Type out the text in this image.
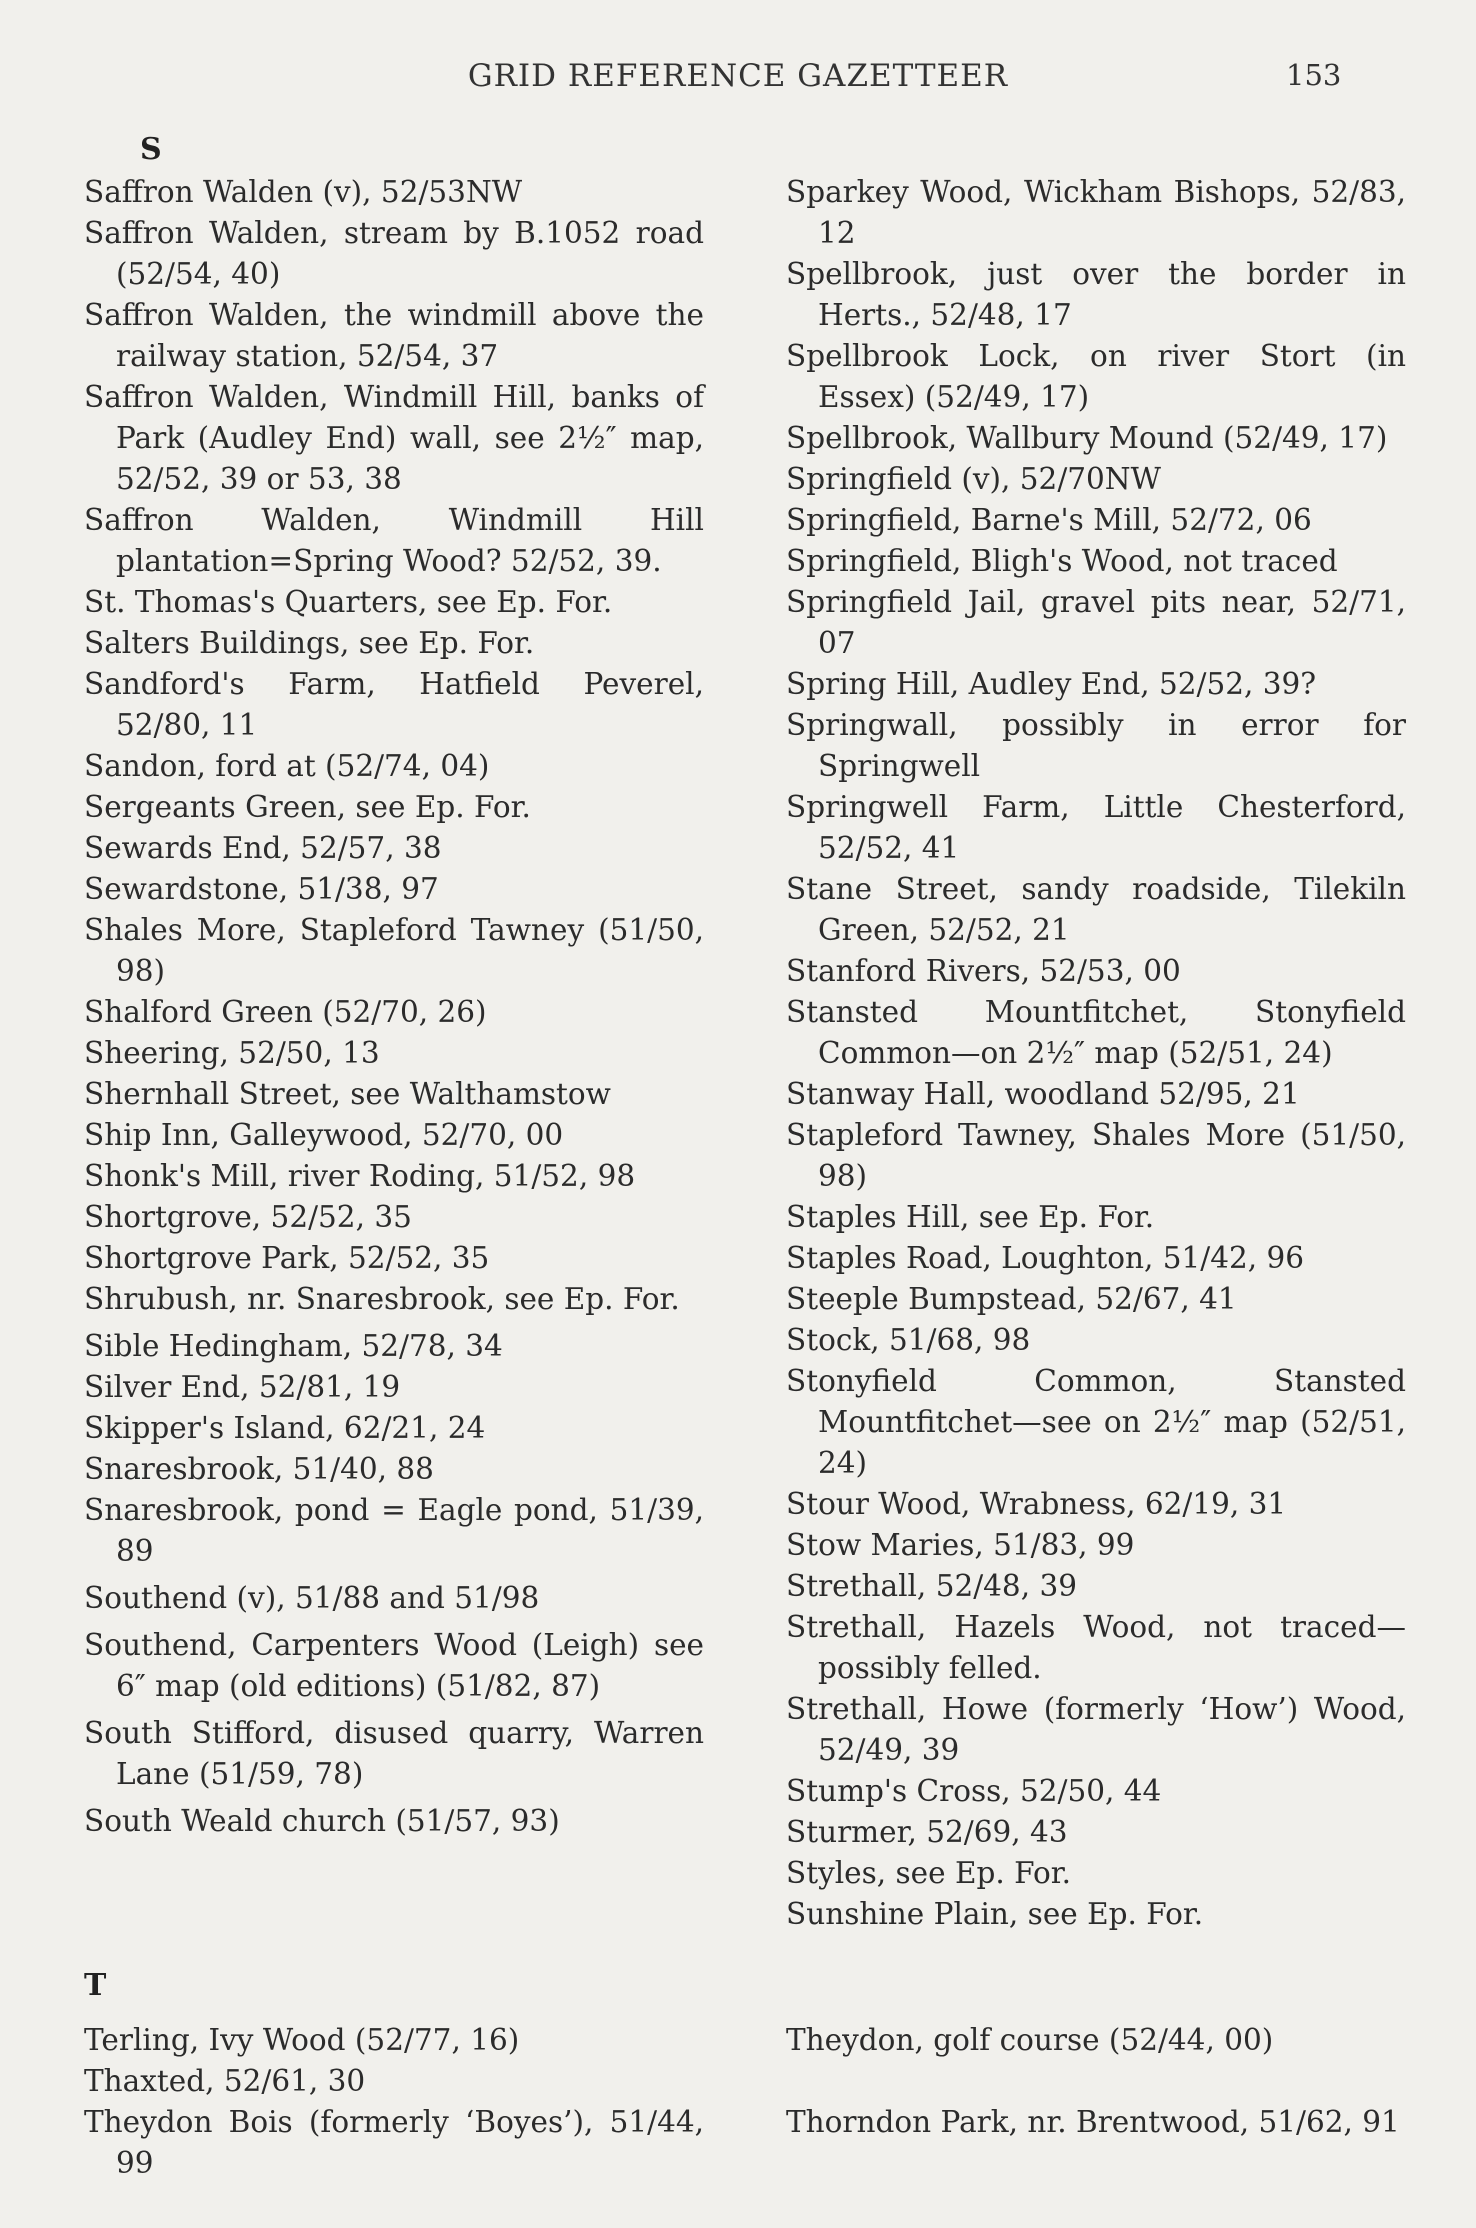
GRID REFERENCE GAZETTEER	153
S

Saffron Walden (v), 52/53NW

Saffron Walden, stream by B.1052 road (52/54, 40)

Saffron Walden, the windmill above the railway station, 52/54, 37

Saffron Walden, Windmill Hill, banks of Park (Audley End) wall, see 2½″ map, 52/52, 39 or 53, 38

Saffron Walden, Windmill Hill plantation=Spring Wood? 52/52, 39.

St. Thomas's Quarters, see Ep. For.

Salters Buildings, see Ep. For.

Sandford's Farm, Hatfield Peverel, 52/80, 11

Sandon, ford at (52/74, 04)

Sergeants Green, see Ep. For.

Sewards End, 52/57, 38

Sewardstone, 51/38, 97

Shales More, Stapleford Tawney (51/50, 98)

Shalford Green (52/70, 26)

Sheering, 52/50, 13

Shernhall Street, see Walthamstow

Ship Inn, Galleywood, 52/70, 00

Shonk's Mill, river Roding, 51/52, 98

Shortgrove, 52/52, 35

Shortgrove Park, 52/52, 35

Shrubush, nr. Snaresbrook, see Ep. For.

Sible Hedingham, 52/78, 34

Silver End, 52/81, 19

Skipper's Island, 62/21, 24

Snaresbrook, 51/40, 88

Snaresbrook, pond = Eagle pond, 51/39, 89

Southend (v), 51/88 and 51/98

Southend, Carpenters Wood (Leigh) see 6″ map (old editions) (51/82, 87)

South Stifford, disused quarry, Warren Lane (51/59, 78)

South Weald church (51/57, 93)

Sparkey Wood, Wickham Bishops, 52/83, 12

Spellbrook, just over the border in Herts., 52/48, 17

Spellbrook Lock, on river Stort (in Essex) (52/49, 17)

Spellbrook, Wallbury Mound (52/49, 17)

Springfield (v), 52/70NW

Springfield, Barne's Mill, 52/72, 06

Springfield, Bligh's Wood, not traced

Springfield Jail, gravel pits near, 52/71, 07

Spring Hill, Audley End, 52/52, 39?

Springwall, possibly in error for Springwell

Springwell Farm, Little Chesterford, 52/52, 41

Stane Street, sandy roadside, Tilekiln Green, 52/52, 21

Stanford Rivers, 52/53, 00

Stansted Mountfitchet, Stonyfield Common—on 2½″ map (52/51, 24)

Stanway Hall, woodland 52/95, 21

Stapleford Tawney, Shales More (51/50, 98)

Staples Hill, see Ep. For.

Staples Road, Loughton, 51/42, 96

Steeple Bumpstead, 52/67, 41

Stock, 51/68, 98

Stonyfield Common, Stansted Mountfitchet—see on 2½″ map (52/51, 24)

Stour Wood, Wrabness, 62/19, 31

Stow Maries, 51/83, 99

Strethall, 52/48, 39

Strethall, Hazels Wood, not traced—possibly felled.

Strethall, Howe (formerly ‘How’) Wood, 52/49, 39

Stump's Cross, 52/50, 44

Sturmer, 52/69, 43

Styles, see Ep. For.

Sunshine Plain, see Ep. For.

T

Terling, Ivy Wood (52/77, 16)

Thaxted, 52/61, 30

Theydon Bois (formerly ‘Boyes’), 51/44, 99

Theydon, golf course (52/44, 00)

Thorndon Park, nr. Brentwood, 51/62, 91
